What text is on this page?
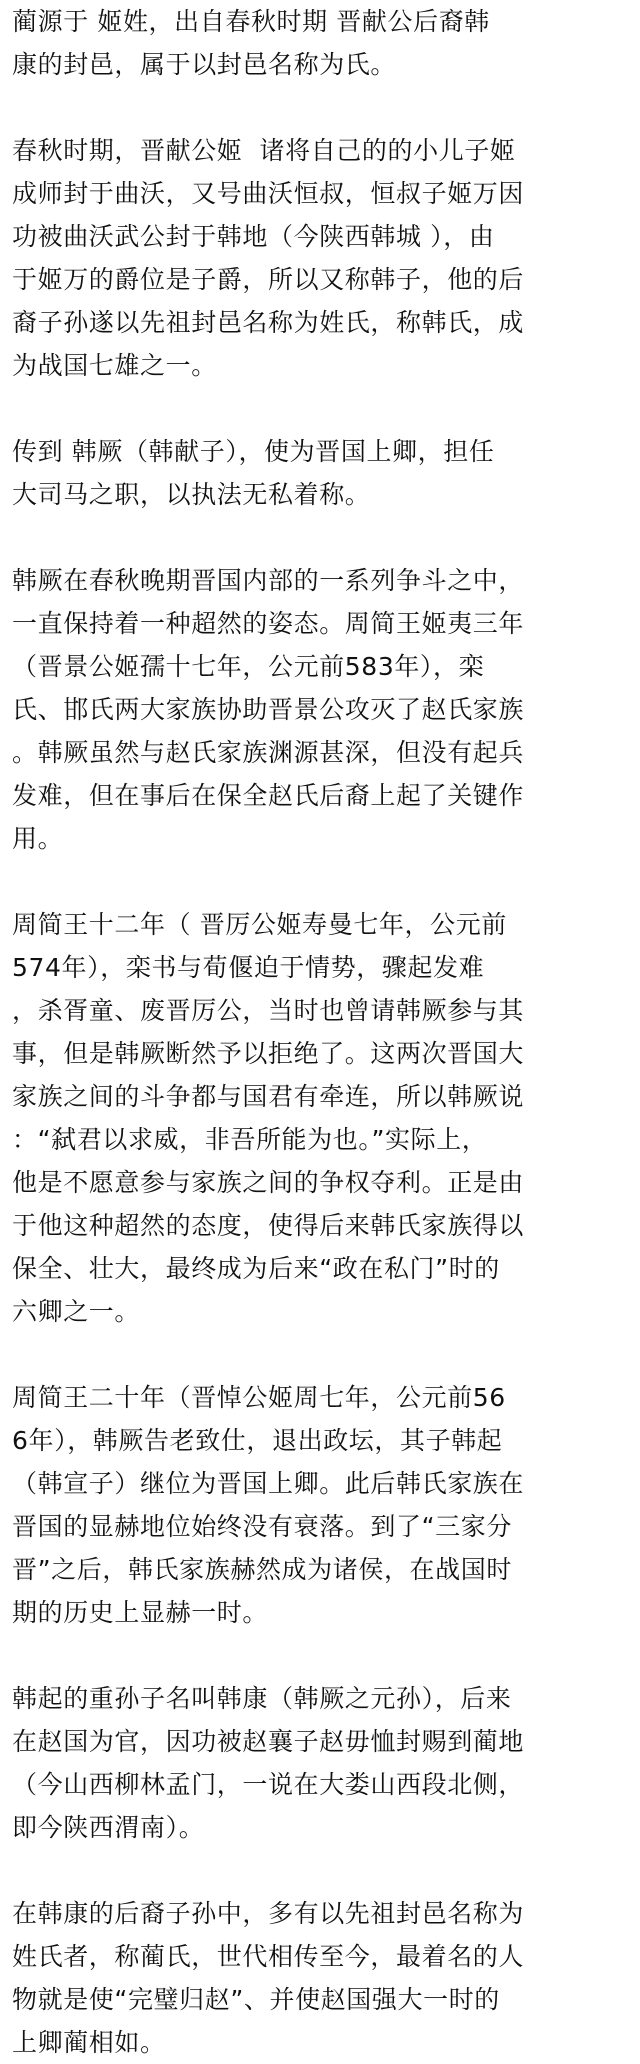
蔺源于 姬姓，出自春秋时期 晋献公后裔韩
康的封邑，属于以封邑名称为氏。
春秋时期，晋献公姬  诸将自己的的小儿子姬
成师封于曲沃，又号曲沃恒叔，恒叔子姬万因
功被曲沃武公封于韩地（今陕西韩城 ），由
于姬万的爵位是子爵，所以又称韩子，他的后
裔子孙遂以先祖封邑名称为姓氏，称韩氏，成
为战国七雄之一。
传到 韩厥（韩献子），使为晋国上卿，担任
大司马之职，以执法无私着称。
韩厥在春秋晚期晋国内部的一系列争斗之中，
一直保持着一种超然的姿态。周简王姬夷三年
（晋景公姬孺十七年，公元前583年），栾
氏、邯氏两大家族协助晋景公攻灭了赵氏家族
。韩厥虽然与赵氏家族渊源甚深，但没有起兵
发难，但在事后在保全赵氏后裔上起了关键作
用。
周简王十二年（ 晋厉公姬寿曼七年，公元前
574年），栾书与荀偃迫于情势，骤起发难
，杀胥童、废晋厉公，当时也曾请韩厥参与其
事，但是韩厥断然予以拒绝了。这两次晋国大
家族之间的斗争都与国君有牵连，所以韩厥说
：“弑君以求威，非吾所能为也。”实际上，
他是不愿意参与家族之间的争权夺利。正是由
于他这种超然的态度，使得后来韩氏家族得以
保全、壮大，最终成为后来“政在私门”时的
六卿之一。
周简王二十年（晋悼公姬周七年，公元前56
6年），韩厥告老致仕，退出政坛，其子韩起
（韩宣子）继位为晋国上卿。此后韩氏家族在
晋国的显赫地位始终没有衰落。到了“三家分
晋”之后，韩氏家族赫然成为诸侯，在战国时
期的历史上显赫一时。
韩起的重孙子名叫韩康（韩厥之元孙），后来
在赵国为官，因功被赵襄子赵毋恤封赐到蔺地
（今山西柳林孟门，一说在大娄山西段北侧，
即今陕西渭南）。
在韩康的后裔子孙中，多有以先祖封邑名称为
姓氏者，称蔺氏，世代相传至今，最着名的人
物就是使“完璧归赵”、并使赵国强大一时的
上卿蔺相如。
